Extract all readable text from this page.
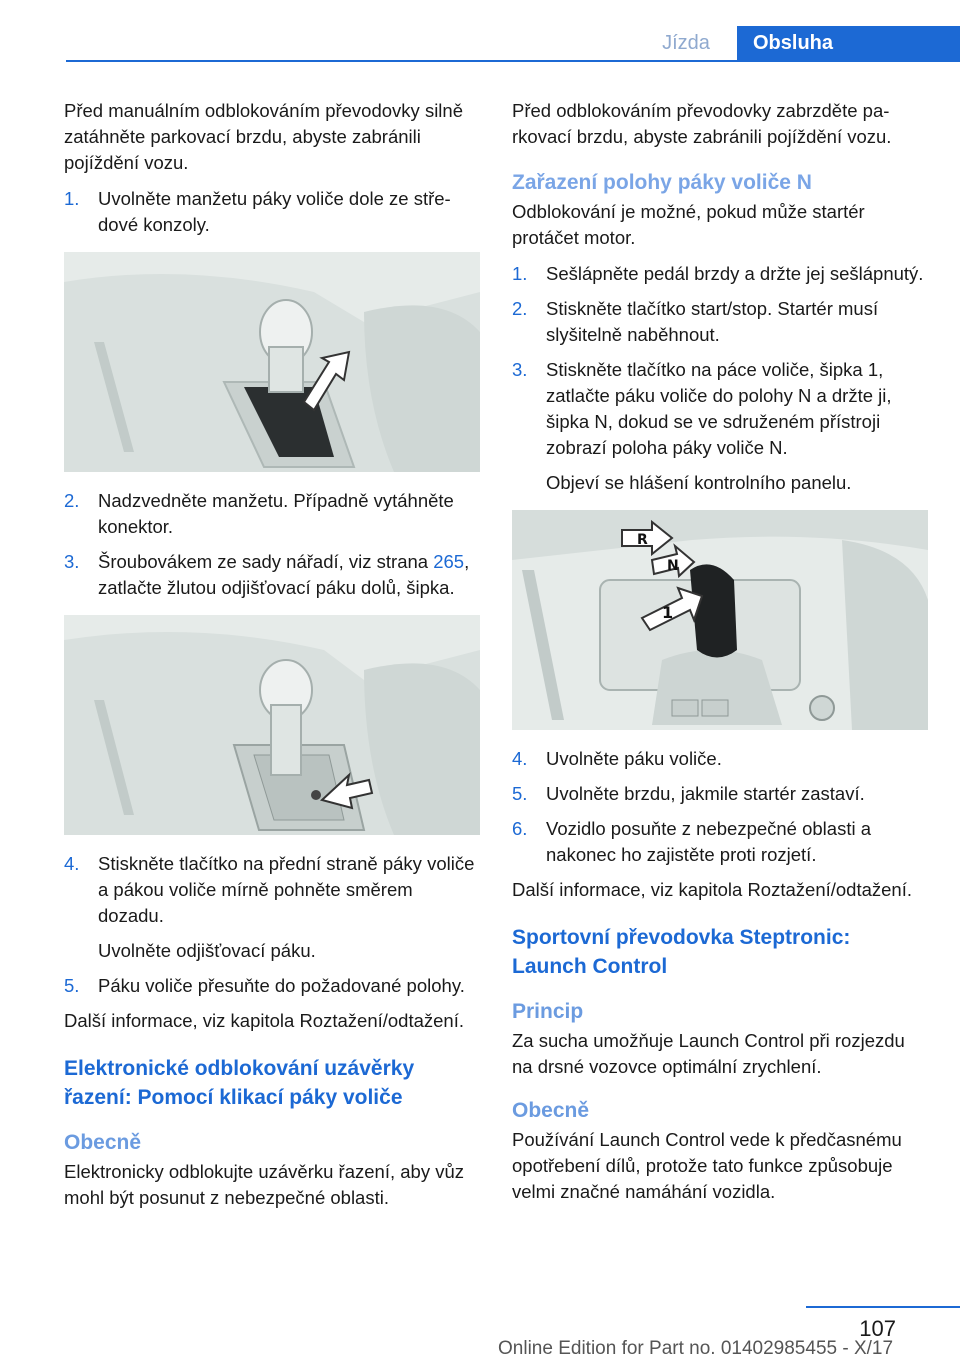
Jízda	Obsluha

Před manuálním odblokováním převodovky silně zatáhněte parkovací brzdu, abyste zabránili pojíždění vozu.

1.	Uvolněte manžetu páky voliče dole ze středové konzoly.
2.	Nadzvedněte manžetu. Případně vytáhněte konektor.
3.	Šroubovákem ze sady nářadí, viz strana 265, zatlačte žlutou odjišťovací páku dolů, šipka.
4.	Stiskněte tlačítko na přední straně páky voliče a pákou voliče mírně pohněte směrem dozadu.
Uvolněte odjišťovací páku.
5.	Páku voliče přesuňte do požadované polohy.

Další informace, viz kapitola Roztažení/odtažení.

Elektronické odblokování uzávěrky řazení: Pomocí klikací páky voliče
Obecně

Elektronicky odblokujte uzávěrku řazení, aby vůz mohl být posunut z nebezpečné oblasti.

Před odblokováním převodovky zabrzděte parkovací brzdu, abyste zabránili pojíždění vozu.

Zařazení polohy páky voliče N

Odblokování je možné, pokud může startér protáčet motor.

1.	Sešlápněte pedál brzdy a držte jej sešlápnutý.
2.	Stiskněte tlačítko start/stop. Startér musí slyšitelně naběhnout.
3.	Stiskněte tlačítko na páce voliče, šipka 1, zatlačte páku voliče do polohy N a držte ji, šipka N, dokud se ve sdruženém přístroji zobrazí poloha páky voliče N.
Objeví se hlášení kontrolního panelu.
R
N
1
4.	Uvolněte páku voliče.
5.	Uvolněte brzdu, jakmile startér zastaví.
6.	Vozidlo posuňte z nebezpečné oblasti a nakonec ho zajistěte proti rozjetí.

Další informace, viz kapitola Roztažení/odtažení.

Sportovní převodovka Steptronic: Launch Control
Princip

Za sucha umožňuje Launch Control při rozjezdu na drsné vozovce optimální zrychlení.

Obecně

Používání Launch Control vede k předčasnému opotřebení dílů, protože tato funkce způsobuje velmi značné namáhání vozidla.

107
Online Edition for Part no. 01402985455 - X/17
